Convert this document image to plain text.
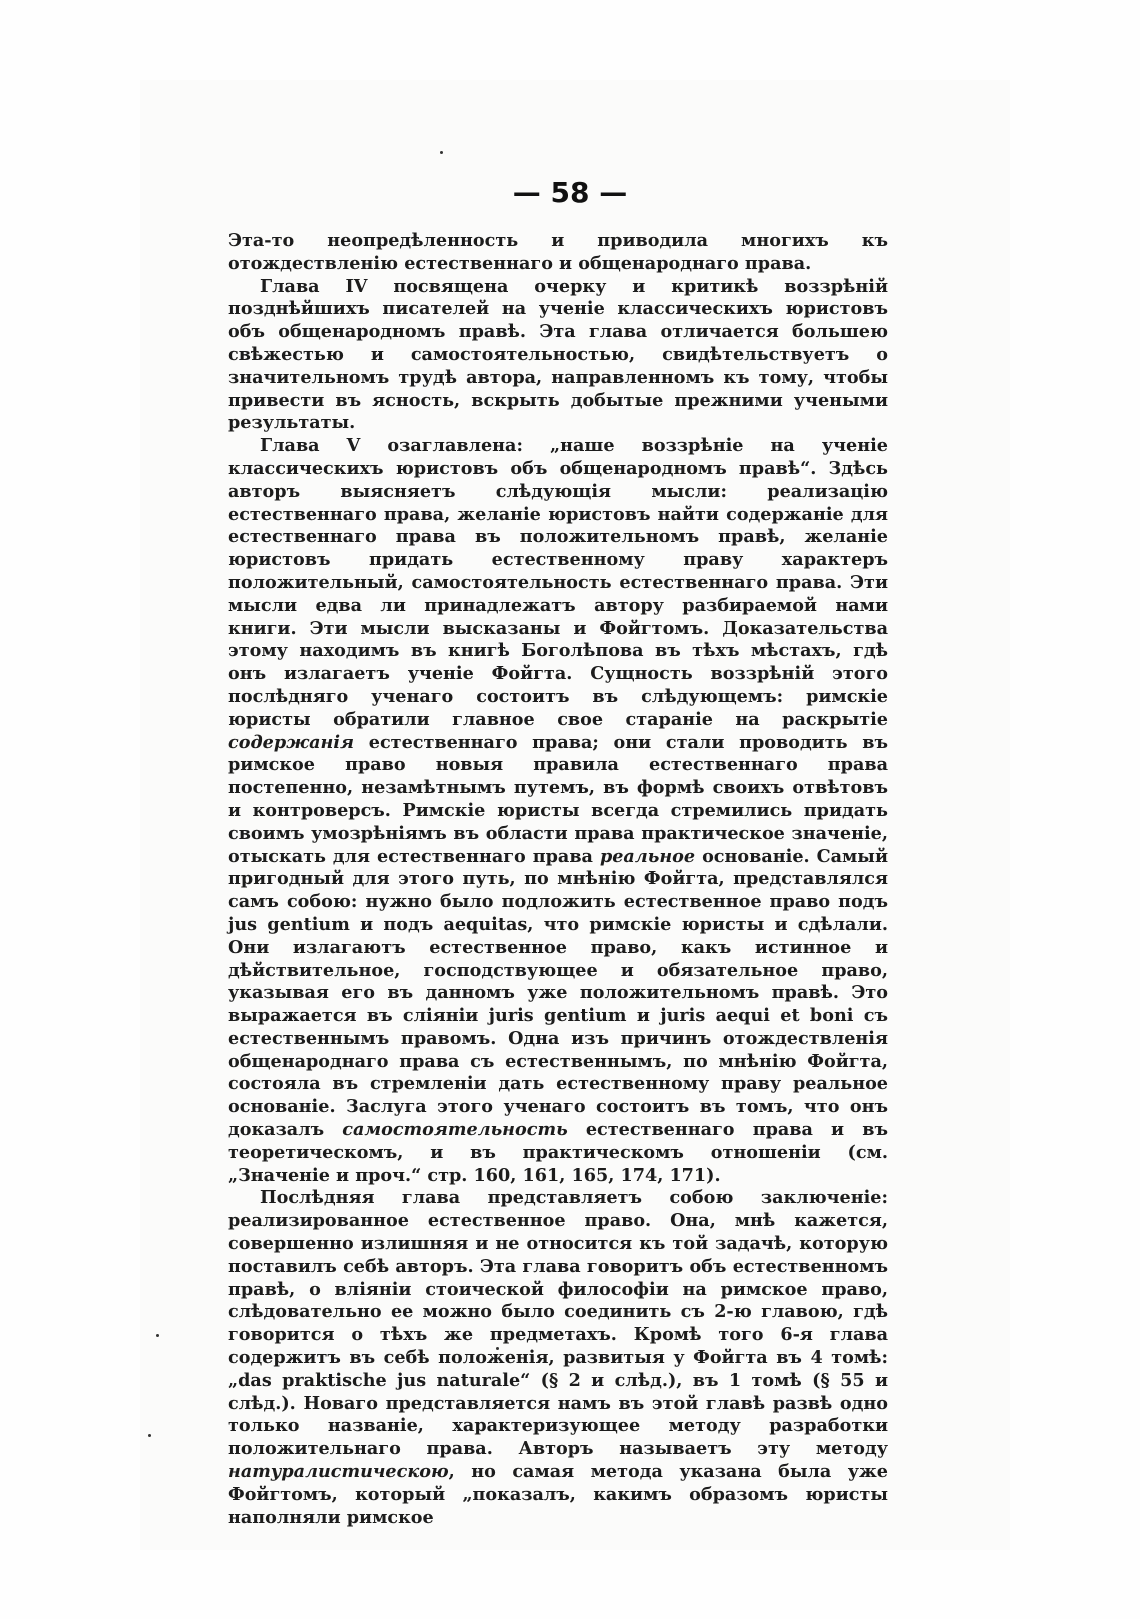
— 58 —

Эта-то неопредѣленность и приводила многихъ къ отождествленію естественнаго и общенароднаго права.

Глава IV посвящена очерку и критикѣ воззрѣній позднѣйшихъ писателей на ученіе классическихъ юристовъ объ общенародномъ правѣ. Эта глава отличается большею свѣжестью и самостоятельностью, свидѣтельствуетъ о значительномъ трудѣ автора, направленномъ къ тому, чтобы привести въ ясность, вскрыть добытые прежними учеными результаты.

Глава V озаглавлена: „наше воззрѣніе на ученіе классическихъ юристовъ объ общенародномъ правѣ“. Здѣсь авторъ выясняетъ слѣдующія мысли: реализацію естественнаго права, желаніе юристовъ найти содержаніе для естественнаго права въ положительномъ правѣ, желаніе юристовъ придать естественному праву характеръ положительный, самостоятельность естественнаго права. Эти мысли едва ли принадлежатъ автору разбираемой нами книги. Эти мысли высказаны и Фойгтомъ. Доказательства этому находимъ въ книгѣ Боголѣпова въ тѣхъ мѣстахъ, гдѣ онъ излагаетъ ученіе Фойгта. Сущность воззрѣній этого послѣдняго ученаго состоитъ въ слѣдующемъ: римскіе юристы обратили главное свое стараніе на раскрытіе содержанія естественнаго права; они стали проводить въ римское право новыя правила естественнаго права постепенно, незамѣтнымъ путемъ, въ формѣ своихъ отвѣтовъ и контроверсъ. Римскіе юристы всегда стремились придать своимъ умозрѣніямъ въ области права практическое значеніе, отыскать для естественнаго права реальное основаніе. Самый пригодный для этого путь, по мнѣнію Фойгта, представлялся самъ собою: нужно было подложить естественное право подъ jus gentium и подъ aequitas, что римскіе юристы и сдѣлали. Они излагаютъ естественное право, какъ истинное и дѣйствительное, господствующее и обязательное право, указывая его въ данномъ уже положительномъ правѣ. Это выражается въ сліяніи juris gentium и juris aequi et boni съ естественнымъ правомъ. Одна изъ причинъ отождествленія общенароднаго права съ естественнымъ, по мнѣнію Фойгта, состояла въ стремленіи дать естественному праву реальное основаніе. Заслуга этого ученаго состоитъ въ томъ, что онъ доказалъ самостоятельность естественнаго права и въ теоретическомъ, и въ практическомъ отношеніи (см. „Значеніе и проч.“ стр. 160, 161, 165, 174, 171).

Послѣдняя глава представляетъ собою заключеніе: реализированное естественное право. Она, мнѣ кажется, совершенно излишняя и не относится къ той задачѣ, которую поставилъ себѣ авторъ. Эта глава говоритъ объ естественномъ правѣ, о вліяніи стоической философіи на римское право, слѣдовательно ее можно было соединить съ 2-ю главою, гдѣ говорится о тѣхъ же предметахъ. Кромѣ того 6-я глава содержитъ въ себѣ положенія, развитыя у Фойгта въ 4 томѣ: „das praktische jus naturale“ (§ 2 и слѣд.), въ 1 томѣ (§ 55 и слѣд.). Новаго представляется намъ въ этой главѣ развѣ одно только названіе, характеризующее методу разработки положительнаго права. Авторъ называетъ эту методу натуралистическою, но самая метода указана была уже Фойгтомъ, который „показалъ, какимъ образомъ юристы наполняли римское
